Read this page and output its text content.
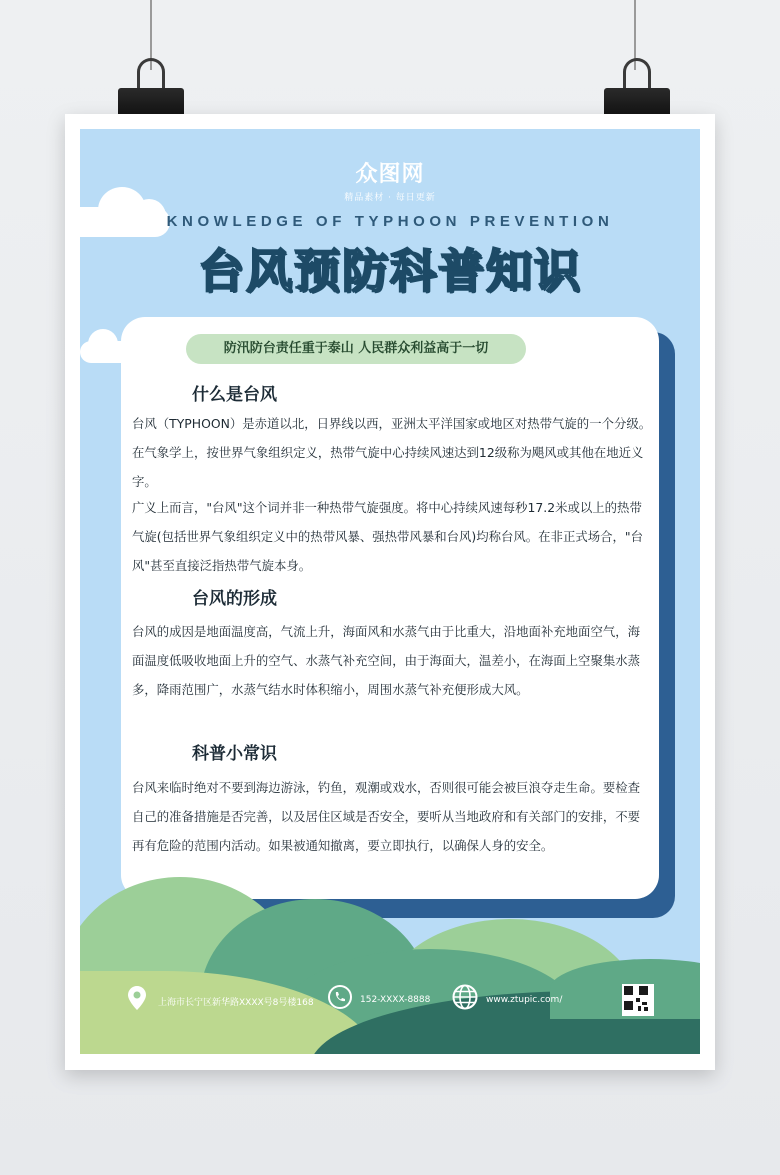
众图网
精品素材 · 每日更新
KNOWLEDGE OF TYPHOON PREVENTION
台风预防科普知识
防汛防台责任重于泰山 人民群众利益高于一切
什么是台风

台风（TYPHOON）是赤道以北，日界线以西，亚洲太平洋国家或地区对热带气旋的一个分级。在气象学上，按世界气象组织定义，热带气旋中心持续风速达到12级称为飓风或其他在地近义字。

广义上而言，"台风"这个词并非一种热带气旋强度。将中心持续风速每秒17.2米或以上的热带气旋(包括世界气象组织定义中的热带风暴、强热带风暴和台风)均称台风。在非正式场合，"台风"甚至直接泛指热带气旋本身。

台风的形成

台风的成因是地面温度高，气流上升，海面风和水蒸气由于比重大，沿地面补充地面空气，海面温度低吸收地面上升的空气、水蒸气补充空间，由于海面大，温差小，在海面上空聚集水蒸多，降雨范围广，水蒸气结水时体积缩小，周围水蒸气补充便形成大风。

科普小常识

台风来临时绝对不要到海边游泳，钓鱼，观潮或戏水，否则很可能会被巨浪夺走生命。要检查自己的准备措施是否完善，以及居住区域是否安全，要听从当地政府和有关部门的安排，不要再有危险的范围内活动。如果被通知撤离，要立即执行，以确保人身的安全。

上海市长宁区新华路XXXX号8号楼168	152-XXXX-8888	www.ztupic.com/
